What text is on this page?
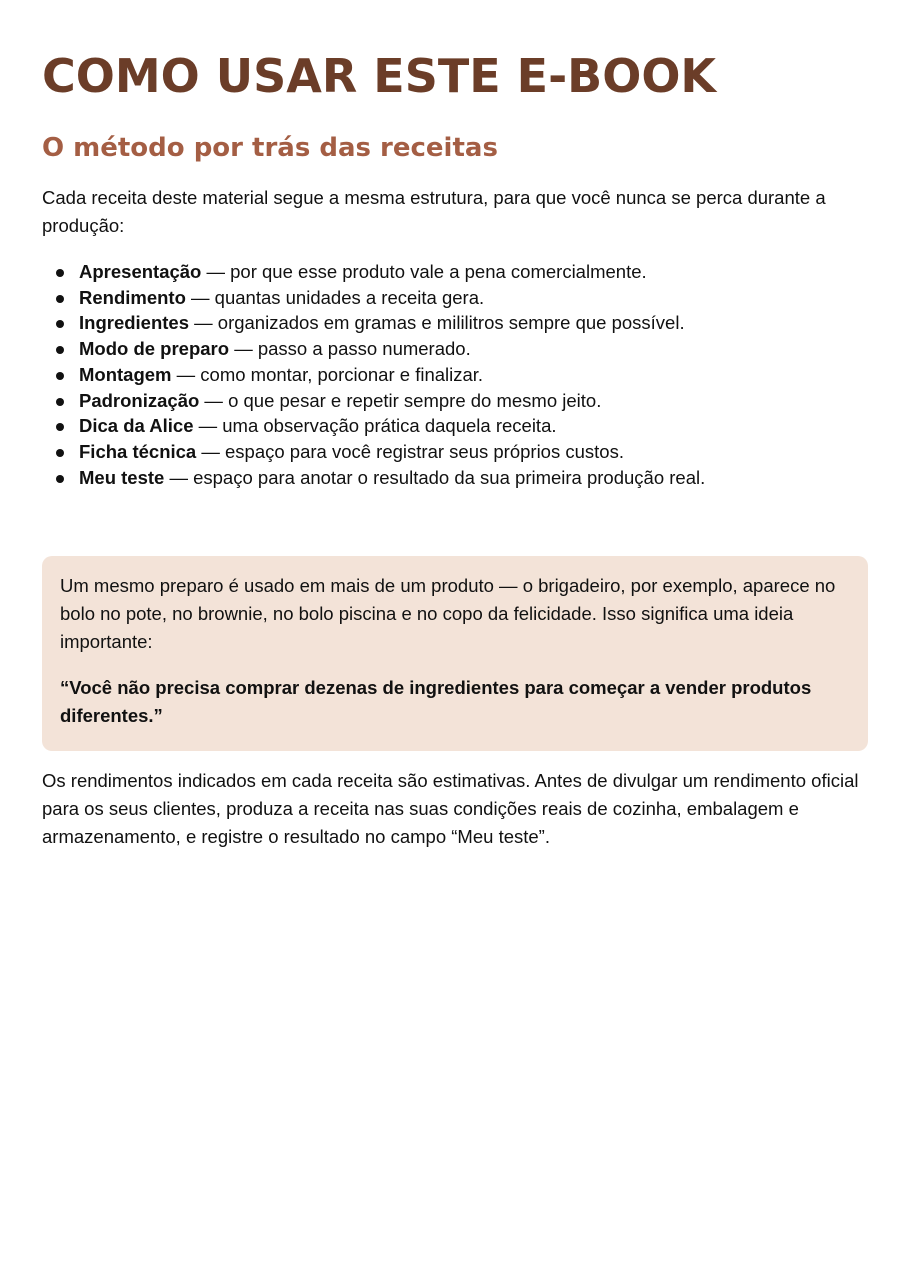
COMO USAR ESTE E-BOOK
O método por trás das receitas

Cada receita deste material segue a mesma estrutura, para que você nunca se perca durante a produção:

Apresentação — por que esse produto vale a pena comercialmente.
Rendimento — quantas unidades a receita gera.
Ingredientes — organizados em gramas e mililitros sempre que possível.
Modo de preparo — passo a passo numerado.
Montagem — como montar, porcionar e finalizar.
Padronização — o que pesar e repetir sempre do mesmo jeito.
Dica da Alice — uma observação prática daquela receita.
Ficha técnica — espaço para você registrar seus próprios custos.
Meu teste — espaço para anotar o resultado da sua primeira produção real.

Um mesmo preparo é usado em mais de um produto — o brigadeiro, por exemplo, aparece no bolo no pote, no brownie, no bolo piscina e no copo da felicidade. Isso significa uma ideia importante:

“Você não precisa comprar dezenas de ingredientes para começar a vender produtos diferentes.”

Os rendimentos indicados em cada receita são estimativas. Antes de divulgar um rendimento oficial para os seus clientes, produza a receita nas suas condições reais de cozinha, embalagem e armazenamento, e registre o resultado no campo “Meu teste”.
